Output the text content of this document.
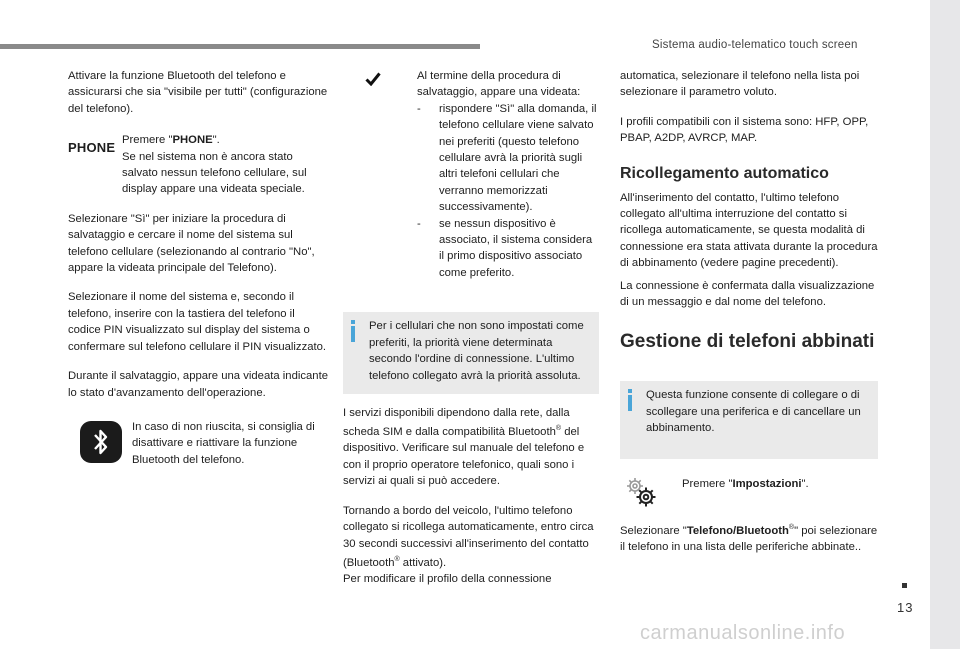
Sistema audio-telematico touch screen
13
carmanualsonline.info

Attivare la funzione Bluetooth del telefono e assicurarsi che sia "visibile per tutti" (configurazione del telefono).

PHONE Premere "PHONE".

Se nel sistema non è ancora stato salvato nessun telefono cellulare, sul display appare una videata speciale.

Selezionare "Sì" per iniziare la procedura di salvataggio e cercare il nome del sistema sul telefono cellulare (selezionando al contrario "No", appare la videata principale del Telefono).

Selezionare il nome del sistema e, secondo il telefono, inserire con la tastiera del telefono il codice PIN visualizzato sul display del sistema o confermare sul telefono cellulare il PIN visualizzato.

Durante il salvataggio, appare una videata indicante lo stato d'avanzamento dell'operazione.

In caso di non riuscita, si consiglia di disattivare e riattivare la funzione Bluetooth del telefono.

Al termine della procedura di salvataggio, appare una videata:

-	rispondere "Sì" alla domanda, il telefono cellulare viene salvato nei preferiti (questo telefono cellulare avrà la priorità sugli altri telefoni cellulari che verranno memorizzati successivamente).
-	se nessun dispositivo è associato, il sistema considera il primo dispositivo associato come preferito.

Per i cellulari che non sono impostati come preferiti, la priorità viene determinata secondo l'ordine di connessione. L'ultimo telefono collegato avrà la priorità assoluta.

I servizi disponibili dipendono dalla rete, dalla scheda SIM e dalla compatibilità Bluetooth® del dispositivo. Verificare sul manuale del telefono e con il proprio operatore telefonico, quali sono i servizi ai quali si può accedere.

Tornando a bordo del veicolo, l'ultimo telefono collegato si ricollega automaticamente, entro circa 30 secondi successivi all'inserimento del contatto (Bluetooth® attivato).

Per modificare il profilo della connessione

automatica, selezionare il telefono nella lista poi selezionare il parametro voluto.

I profili compatibili con il sistema sono: HFP, OPP, PBAP, A2DP, AVRCP, MAP.

Ricollegamento automatico

All'inserimento del contatto, l'ultimo telefono collegato all'ultima interruzione del contatto si ricollega automaticamente, se questa modalità di connessione era stata attivata durante la procedura di abbinamento (vedere pagine precedenti).

La connessione è confermata dalla visualizzazione di un messaggio e dal nome del telefono.

Gestione di telefoni abbinati

Questa funzione consente di collegare o di scollegare una periferica e di cancellare un abbinamento.

Premere "Impostazioni".

Selezionare "Telefono/Bluetooth®" poi selezionare il telefono in una lista delle periferiche abbinate..
